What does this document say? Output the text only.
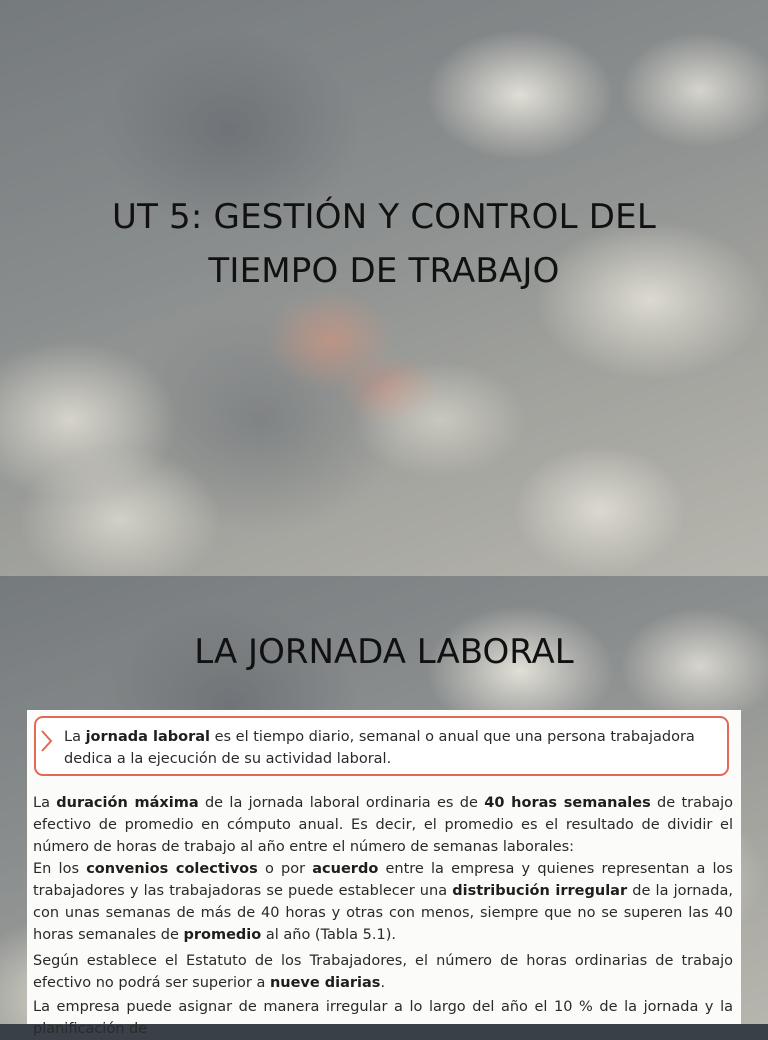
UT 5: GESTIÓN Y CONTROL DEL
TIEMPO DE TRABAJO
LA JORNADA LABORAL

La jornada laboral es el tiempo diario, semanal o anual que una persona trabajadora dedica a la ejecución de su actividad laboral.

La duración máxima de la jornada laboral ordinaria es de 40 horas semanales de trabajo efectivo de promedio en cómputo anual. Es decir, el promedio es el resultado de dividir el número de horas de trabajo al año entre el número de semanas laborales:

En los convenios colectivos o por acuerdo entre la empresa y quienes representan a los trabajadores y las trabajadoras se puede establecer una distribución irregular de la jornada, con unas semanas de más de 40 horas y otras con menos, siempre que no se superen las 40 horas semanales de promedio al año (Tabla 5.1).

Según establece el Estatuto de los Trabajadores, el número de horas ordinarias de trabajo efectivo no podrá ser superior a nueve diarias.

La empresa puede asignar de manera irregular a lo largo del año el 10 % de la jornada y la planificación de
